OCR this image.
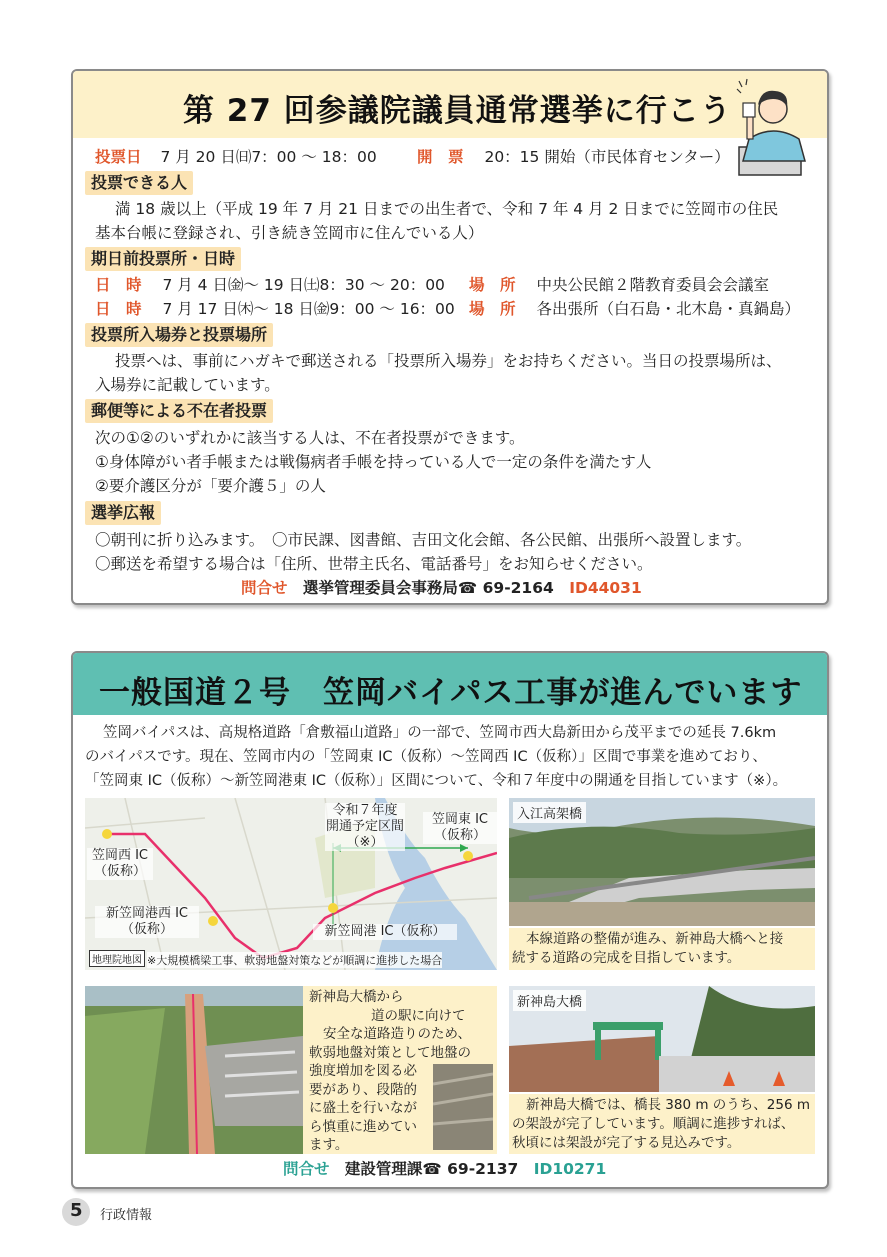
第 27 回参議院議員通常選挙に行こう
投票日 7 月 20 日㈰7：00 ～ 18：00	開　票 20：15 開始（市民体育センター）
投票できる人
満 18 歳以上（平成 19 年 7 月 21 日までの出生者で、令和 7 年 4 月 2 日までに笠岡市の住民
基本台帳に登録され、引き続き笠岡市に住んでいる人）
期日前投票所・日時
日　時 7 月 4 日㈮～ 19 日㈯8：30 ～ 20：00 場　所 中央公民館２階教育委員会会議室
日　時 7 月 17 日㈭～ 18 日㈮9：00 ～ 16：00 場　所 各出張所（白石島・北木島・真鍋島）
投票所入場券と投票場所
投票へは、事前にハガキで郵送される「投票所入場券」をお持ちください。当日の投票場所は、
入場券に記載しています。
郵便等による不在者投票
次の①②のいずれかに該当する人は、不在者投票ができます。
①身体障がい者手帳または戦傷病者手帳を持っている人で一定の条件を満たす人
②要介護区分が「要介護５」の人
選挙広報
〇朝刊に折り込みます。　〇市民課、図書館、吉田文化会館、各公民館、出張所へ設置します。
〇郵送を希望する場合は「住所、世帯主氏名、電話番号」をお知らせください。
問合せ 選挙管理委員会事務局☎ 69-2164 ID44031
一般国道２号　笠岡バイパス工事が進んでいます
笠岡バイパスは、高規格道路「倉敷福山道路」の一部で、笠岡市西大島新田から茂平までの延長 7.6km
のバイパスです。現在、笠岡市内の「笠岡東 IC（仮称）～笠岡西 IC（仮称）」区間で事業を進めており、
「笠岡東 IC（仮称）～新笠岡港東 IC（仮称）」区間について、令和７年度中の開通を目指しています（※）。
令和７年度
開通予定区間（※）
笠岡東 IC
（仮称）
笠岡西 IC
（仮称）
新笠岡港西 IC
（仮称）	新笠岡港 IC（仮称）
地理院地図 ※大規模橋梁工事、軟弱地盤対策などが順調に進捗した場合
入江高架橋
本線道路の整備が進み、新神島大橋へと接
続する道路の完成を目指しています。
新神島大橋から
道の駅に向けて
安全な道路造りのため、
軟弱地盤対策として地盤の
強度増加を図る必
要があり、段階的
に盛土を行いなが
ら慎重に進めてい
ます。
新神島大橋
新神島大橋では、橋長 380 m のうち、256 m
の架設が完了しています。順調に進捗すれば、
秋頃には架設が完了する見込みです。
問合せ 建設管理課☎ 69-2137 ID10271
5 行政情報
